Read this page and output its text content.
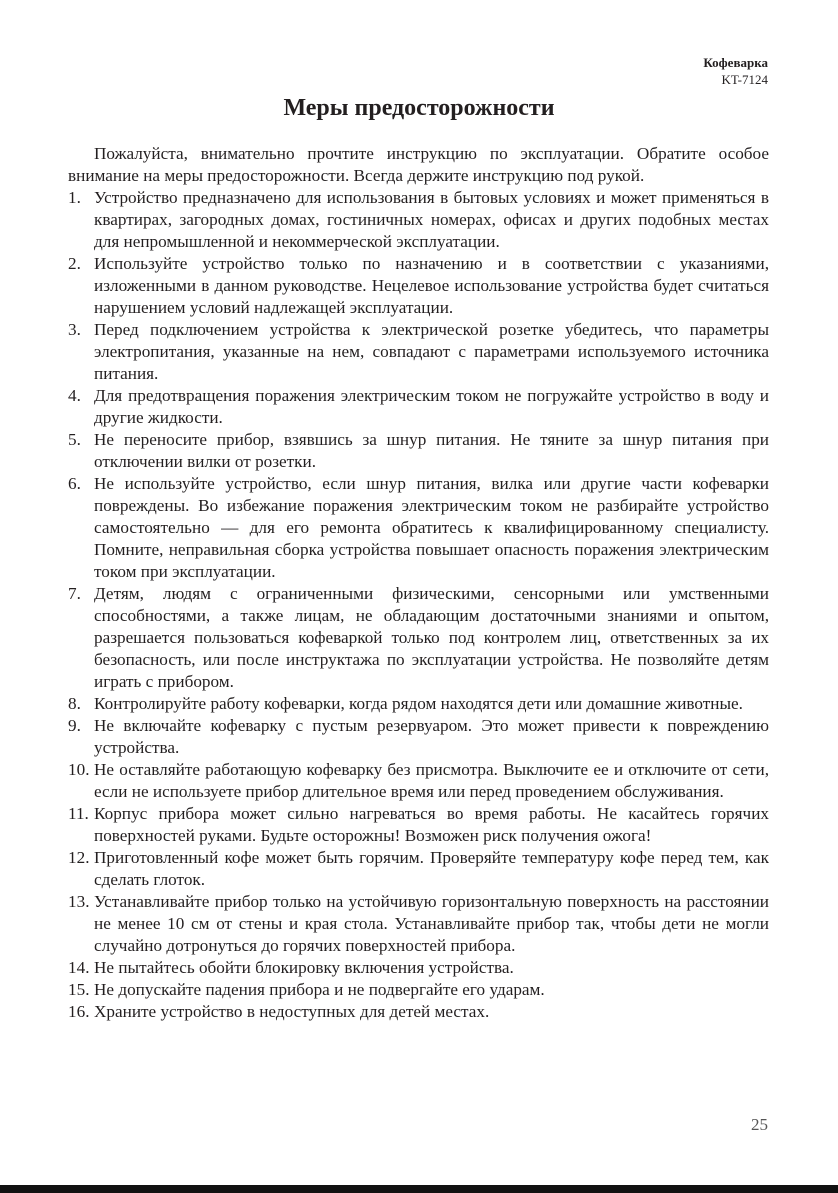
Кофеварка
KT-7124
Меры предосторожности

Пожалуйста, внимательно прочтите инструкцию по эксплуатации. Обратите особое внимание на меры предосторожности. Всегда держите инструкцию под рукой.

1. Устройство предназначено для использования в бытовых условиях и может применяться в квартирах, загородных домах, гостиничных номерах, офисах и других подобных местах для непромышленной и некоммерческой эксплуатации.
2. Используйте устройство только по назначению и в соответствии с указаниями, изложенными в данном руководстве. Нецелевое использование устройства будет считаться нарушением условий надлежащей эксплуатации.
3. Перед подключением устройства к электрической розетке убедитесь, что параметры электропитания, указанные на нем, совпадают с параметрами используемого источника питания.
4. Для предотвращения поражения электрическим током не погружайте устройство в воду и другие жидкости.
5. Не переносите прибор, взявшись за шнур питания. Не тяните за шнур питания при отключении вилки от розетки.
6. Не используйте устройство, если шнур питания, вилка или другие части кофеварки повреждены. Во избежание поражения электрическим током не разбирайте устройство самостоятельно — для его ремонта обратитесь к квалифицированному специалисту. Помните, неправильная сборка устройства повышает опасность поражения электрическим током при эксплуатации.
7. Детям, людям с ограниченными физическими, сенсорными или умственными способностями, а также лицам, не обладающим достаточными знаниями и опытом, разрешается пользоваться кофеваркой только под контролем лиц, ответственных за их безопасность, или после инструктажа по эксплуатации устройства. Не позволяйте детям играть с прибором.
8. Контролируйте работу кофеварки, когда рядом находятся дети или домашние животные.
9. Не включайте кофеварку с пустым резервуаром. Это может привести к повреждению устройства.
10. Не оставляйте работающую кофеварку без присмотра. Выключите ее и отключите от сети, если не используете прибор длительное время или перед проведением обслуживания.
11. Корпус прибора может сильно нагреваться во время работы. Не касайтесь горячих поверхностей руками. Будьте осторожны! Возможен риск получения ожога!
12. Приготовленный кофе может быть горячим. Проверяйте температуру кофе перед тем, как сделать глоток.
13. Устанавливайте прибор только на устойчивую горизонтальную поверхность на расстоянии не менее 10 см от стены и края стола. Устанавливайте прибор так, чтобы дети не могли случайно дотронуться до горячих поверхностей прибора.
14. Не пытайтесь обойти блокировку включения устройства.
15. Не допускайте падения прибора и не подвергайте его ударам.
16. Храните устройство в недоступных для детей местах.
25
